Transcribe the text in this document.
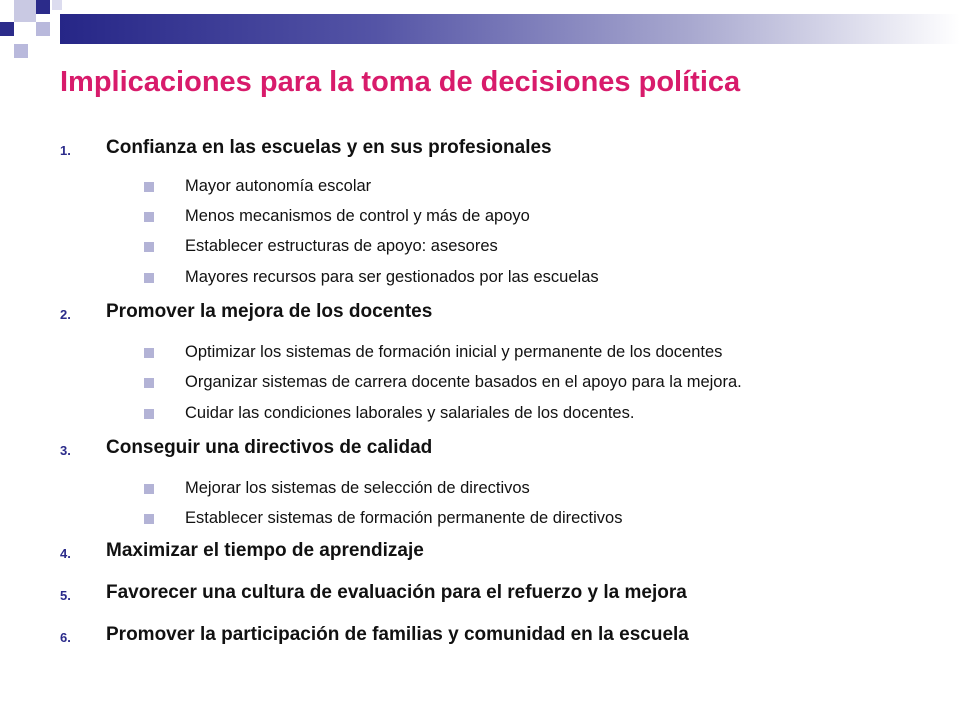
Implicaciones para la toma de decisiones política
1. Confianza en las escuelas y en sus profesionales
Mayor autonomía escolar
Menos mecanismos de control y más de apoyo
Establecer estructuras de apoyo: asesores
Mayores recursos para ser gestionados por las escuelas
2. Promover la mejora de los docentes
Optimizar los sistemas de formación inicial y permanente de los docentes
Organizar sistemas de carrera docente basados en el apoyo para la mejora.
Cuidar las condiciones laborales y salariales de los docentes.
3. Conseguir una directivos de calidad
Mejorar los sistemas de selección de directivos
Establecer sistemas de formación permanente de directivos
4. Maximizar el tiempo de aprendizaje
5. Favorecer una cultura de evaluación para el refuerzo y la mejora
6. Promover la participación de familias y comunidad en la escuela
